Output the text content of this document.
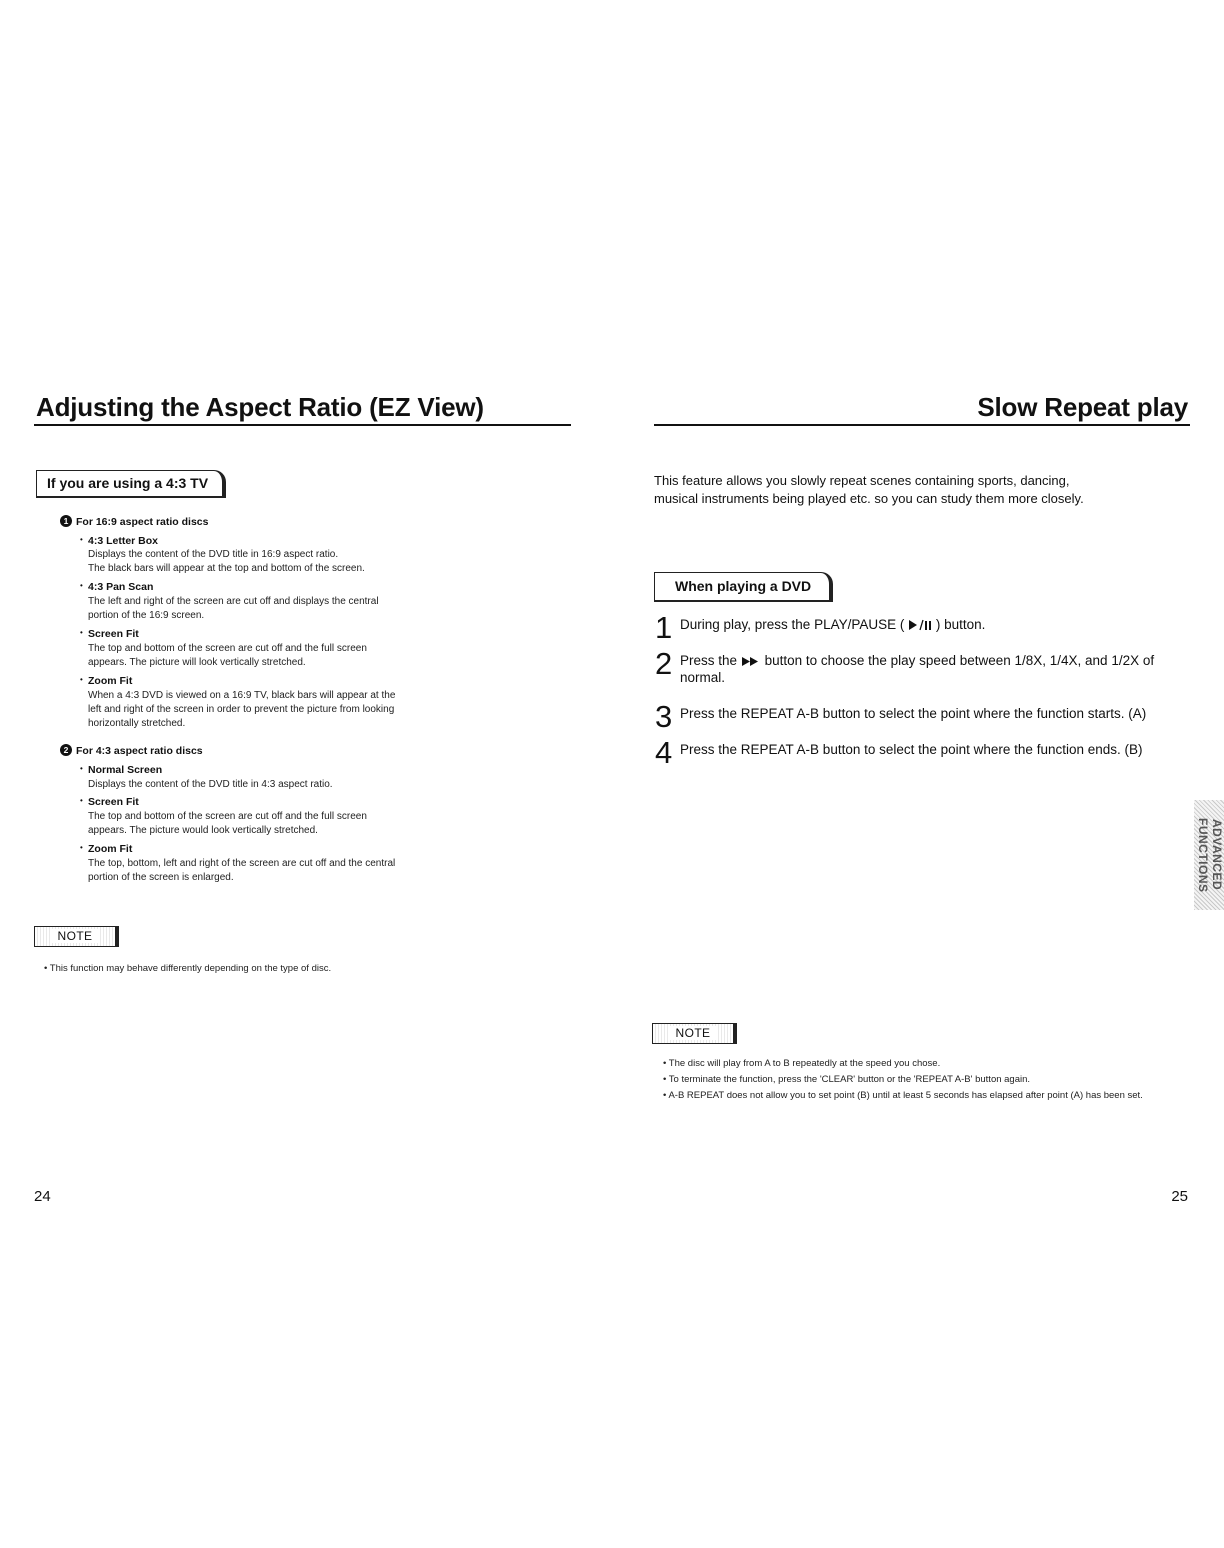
Adjusting the Aspect Ratio (EZ View)
If you are using a 4:3 TV
1 For 16:9 aspect ratio discs
• 4:3 Letter Box
Displays the content of the DVD title in 16:9 aspect ratio.
The black bars will appear at the top and bottom of the screen.
• 4:3 Pan Scan
The left and right of the screen are cut off and displays the central
portion of the 16:9 screen.
• Screen Fit
The top and bottom of the screen are cut off and the full screen
appears. The picture will look vertically stretched.
• Zoom Fit
When a 4:3 DVD is viewed on a 16:9 TV, black bars will appear at the
left and right of the screen in order to prevent the picture from looking
horizontally stretched.
2 For 4:3 aspect ratio discs
• Normal Screen
Displays the content of the DVD title in 4:3 aspect ratio.
• Screen Fit
The top and bottom of the screen are cut off and the full screen
appears. The picture would look vertically stretched.
• Zoom Fit
The top, bottom, left and right of the screen are cut off and the central
portion of the screen is enlarged.
NOTE
• This function may behave differently depending on the type of disc.
24
Slow Repeat play
This feature allows you slowly repeat scenes containing sports, dancing,
musical instruments being played etc. so you can study them more closely.
When playing a DVD
1 During play, press the PLAY/PAUSE ( ) button.
2 Press the button to choose the play speed between 1/8X, 1/4X, and 1/2X of
normal.
3 Press the REPEAT A-B button to select the point where the function starts. (A)
4 Press the REPEAT A-B button to select the point where the function ends. (B)
ADVANCED FUNCTIONS
NOTE
• The disc will play from A to B repeatedly at the speed you chose.
• To terminate the function, press the 'CLEAR' button or the 'REPEAT A-B' button again.
• A-B REPEAT does not allow you to set point (B) until at least 5 seconds has elapsed after point (A) has been set.
25
